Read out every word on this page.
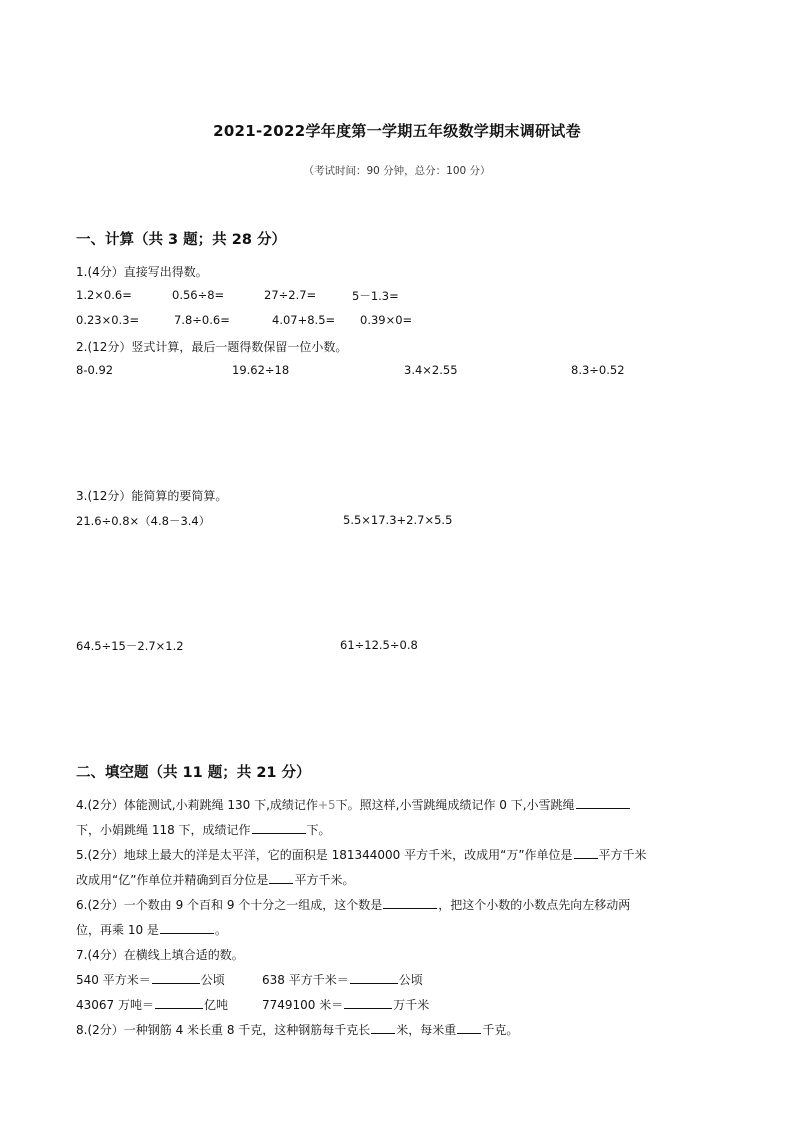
2021-2022学年度第一学期五年级数学期末调研试卷
（考试时间：90 分钟，总分：100 分）
一、计算（共 3 题；共 28 分）
1.(4分）直接写出得数。
1.2×0.6=	0.56÷8=	27÷2.7=	5－1.3=
0.23×0.3=	7.8÷0.6=	4.07+8.5= 0.39×0=
2.(12分）竖式计算，最后一题得数保留一位小数。
8-0.92	19.62÷18	3.4×2.55	8.3÷0.52
3.(12分）能简算的要简算。
21.6÷0.8×（4.8－3.4）	5.5×17.3+2.7×5.5
64.5÷15－2.7×1.2	61÷12.5÷0.8
二、填空题（共 11 题；共 21 分）
4.(2分）体能测试,小莉跳绳 130 下,成绩记作+5下。照这样,小雪跳绳成绩记作 0 下,小雪跳绳
下，小娟跳绳 118 下，成绩记作	下。
5.(2分）地球上最大的洋是太平洋，它的面积是 181344000 平方千米，改成用“万”作单位是 平方千米
改成用“亿”作单位并精确到百分位是 平方千米。
6.(2分）一个数由 9 个百和 9 个十分之一组成，这个数是	，把这个小数的小数点先向左移动两
位，再乘 10 是	。
7.(4分）在横线上填合适的数。
540 平方米＝	公顷	638 平方千米＝	公顷
43067 万吨＝	亿吨	7749100 米＝	万千米
8.(2分）一种钢筋 4 米长重 8 千克，这种钢筋每千克长 米，每米重 千克。
